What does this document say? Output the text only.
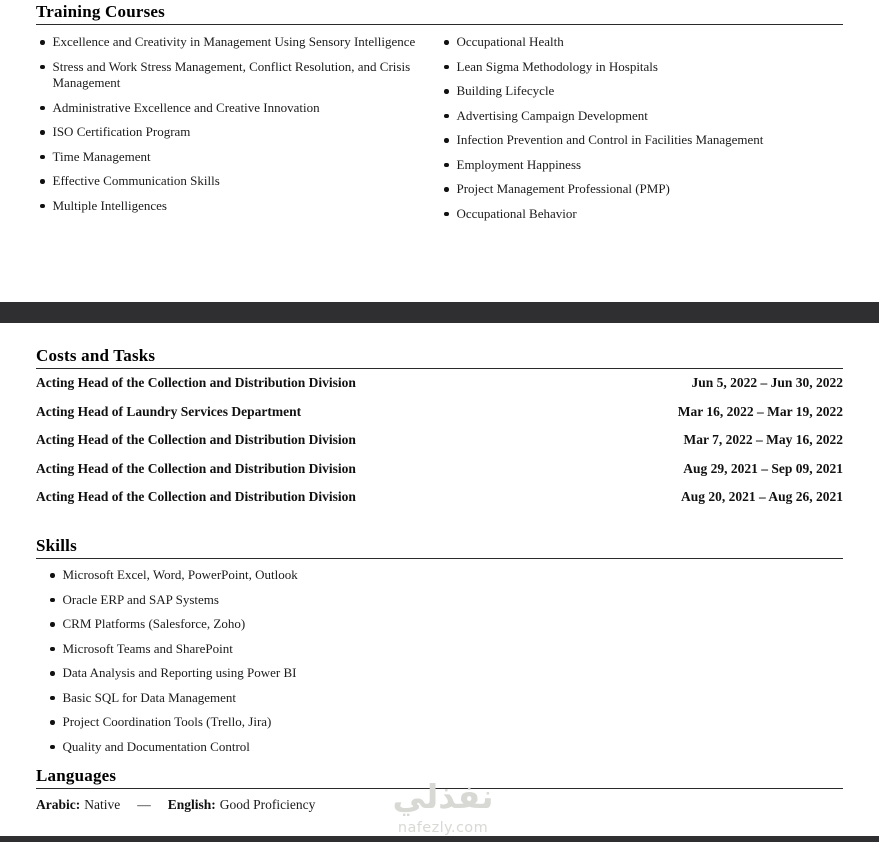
Training Courses
Excellence and Creativity in Management Using Sensory Intelligence
Stress and Work Stress Management, Conflict Resolution, and Crisis Management
Administrative Excellence and Creative Innovation
ISO Certification Program
Time Management
Effective Communication Skills
Multiple Intelligences
Occupational Health
Lean Sigma Methodology in Hospitals
Building Lifecycle
Advertising Campaign Development
Infection Prevention and Control in Facilities Management
Employment Happiness
Project Management Professional (PMP)
Occupational Behavior
Costs and Tasks
Acting Head of the Collection and Distribution Division	Jun 5, 2022 – Jun 30, 2022
Acting Head of Laundry Services Department	Mar 16, 2022 – Mar 19, 2022
Acting Head of the Collection and Distribution Division	Mar 7, 2022 – May 16, 2022
Acting Head of the Collection and Distribution Division	Aug 29, 2021 – Sep 09, 2021
Acting Head of the Collection and Distribution Division	Aug 20, 2021 – Aug 26, 2021
Skills
Microsoft Excel, Word, PowerPoint, Outlook
Oracle ERP and SAP Systems
CRM Platforms (Salesforce, Zoho)
Microsoft Teams and SharePoint
Data Analysis and Reporting using Power BI
Basic SQL for Data Management
Project Coordination Tools (Trello, Jira)
Quality and Documentation Control
Languages
Arabic: Native — English: Good Proficiency	نفذلي
nafezly.com
